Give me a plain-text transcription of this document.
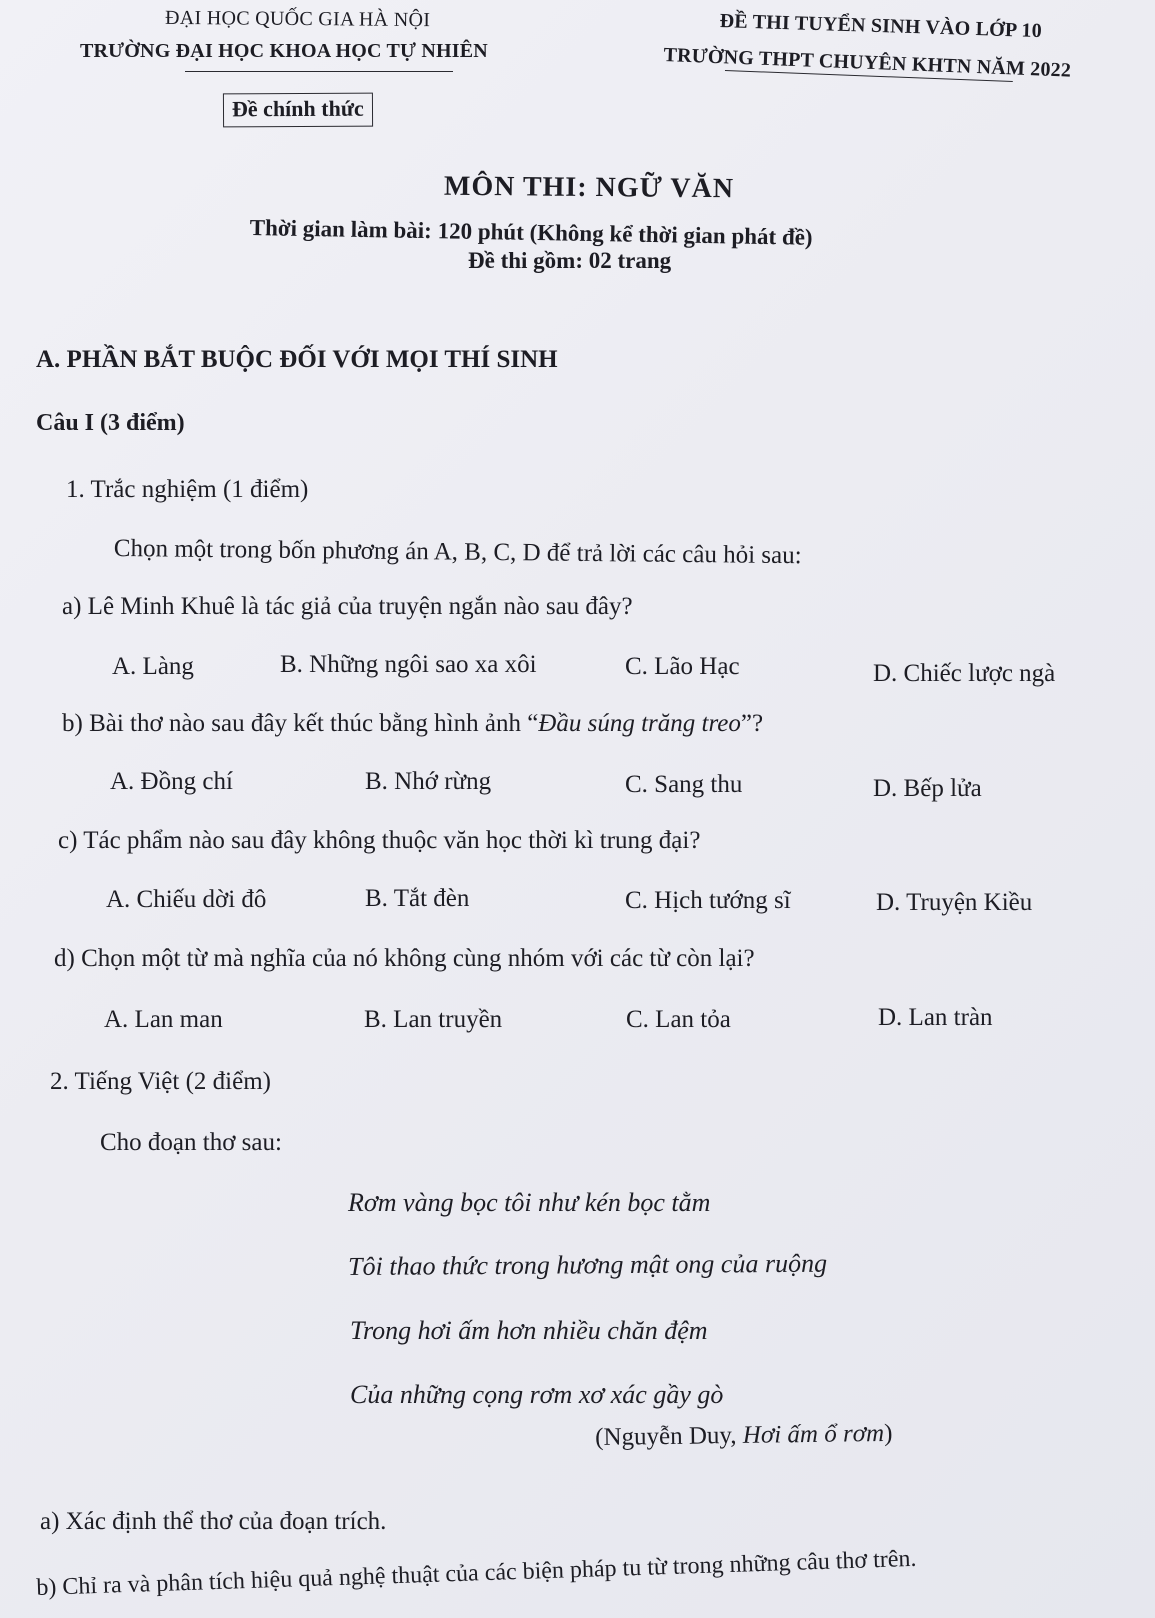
ĐẠI HỌC QUỐC GIA HÀ NỘI
TRƯỜNG ĐẠI HỌC KHOA HỌC TỰ NHIÊN
Đề chính thức
ĐỀ THI TUYỂN SINH VÀO LỚP 10
TRƯỜNG THPT CHUYÊN KHTN NĂM 2022
MÔN THI: NGỮ VĂN
Thời gian làm bài: 120 phút (Không kể thời gian phát đề)
Đề thi gồm: 02 trang
A. PHẦN BẮT BUỘC ĐỐI VỚI MỌI THÍ SINH
Câu I (3 điểm)
1. Trắc nghiệm (1 điểm)
Chọn một trong bốn phương án A, B, C, D để trả lời các câu hỏi sau:
a) Lê Minh Khuê là tác giả của truyện ngắn nào sau đây?
A. Làng	B. Những ngôi sao xa xôi	C. Lão Hạc	D. Chiếc lược ngà
b) Bài thơ nào sau đây kết thúc bằng hình ảnh “Đầu súng trăng treo”?
A. Đồng chí	B. Nhớ rừng	C. Sang thu	D. Bếp lửa
c) Tác phẩm nào sau đây không thuộc văn học thời kì trung đại?
A. Chiếu dời đô	B. Tắt đèn	C. Hịch tướng sĩ	D. Truyện Kiều
d) Chọn một từ mà nghĩa của nó không cùng nhóm với các từ còn lại?
A. Lan man	B. Lan truyền	C. Lan tỏa	D. Lan tràn
2. Tiếng Việt (2 điểm)
Cho đoạn thơ sau:
Rơm vàng bọc tôi như kén bọc tằm
Tôi thao thức trong hương mật ong của ruộng
Trong hơi ấm hơn nhiều chăn đệm
Của những cọng rơm xơ xác gầy gò
(Nguyễn Duy, Hơi ấm ổ rơm)
a) Xác định thể thơ của đoạn trích.
b) Chỉ ra và phân tích hiệu quả nghệ thuật của các biện pháp tu từ trong những câu thơ trên.
